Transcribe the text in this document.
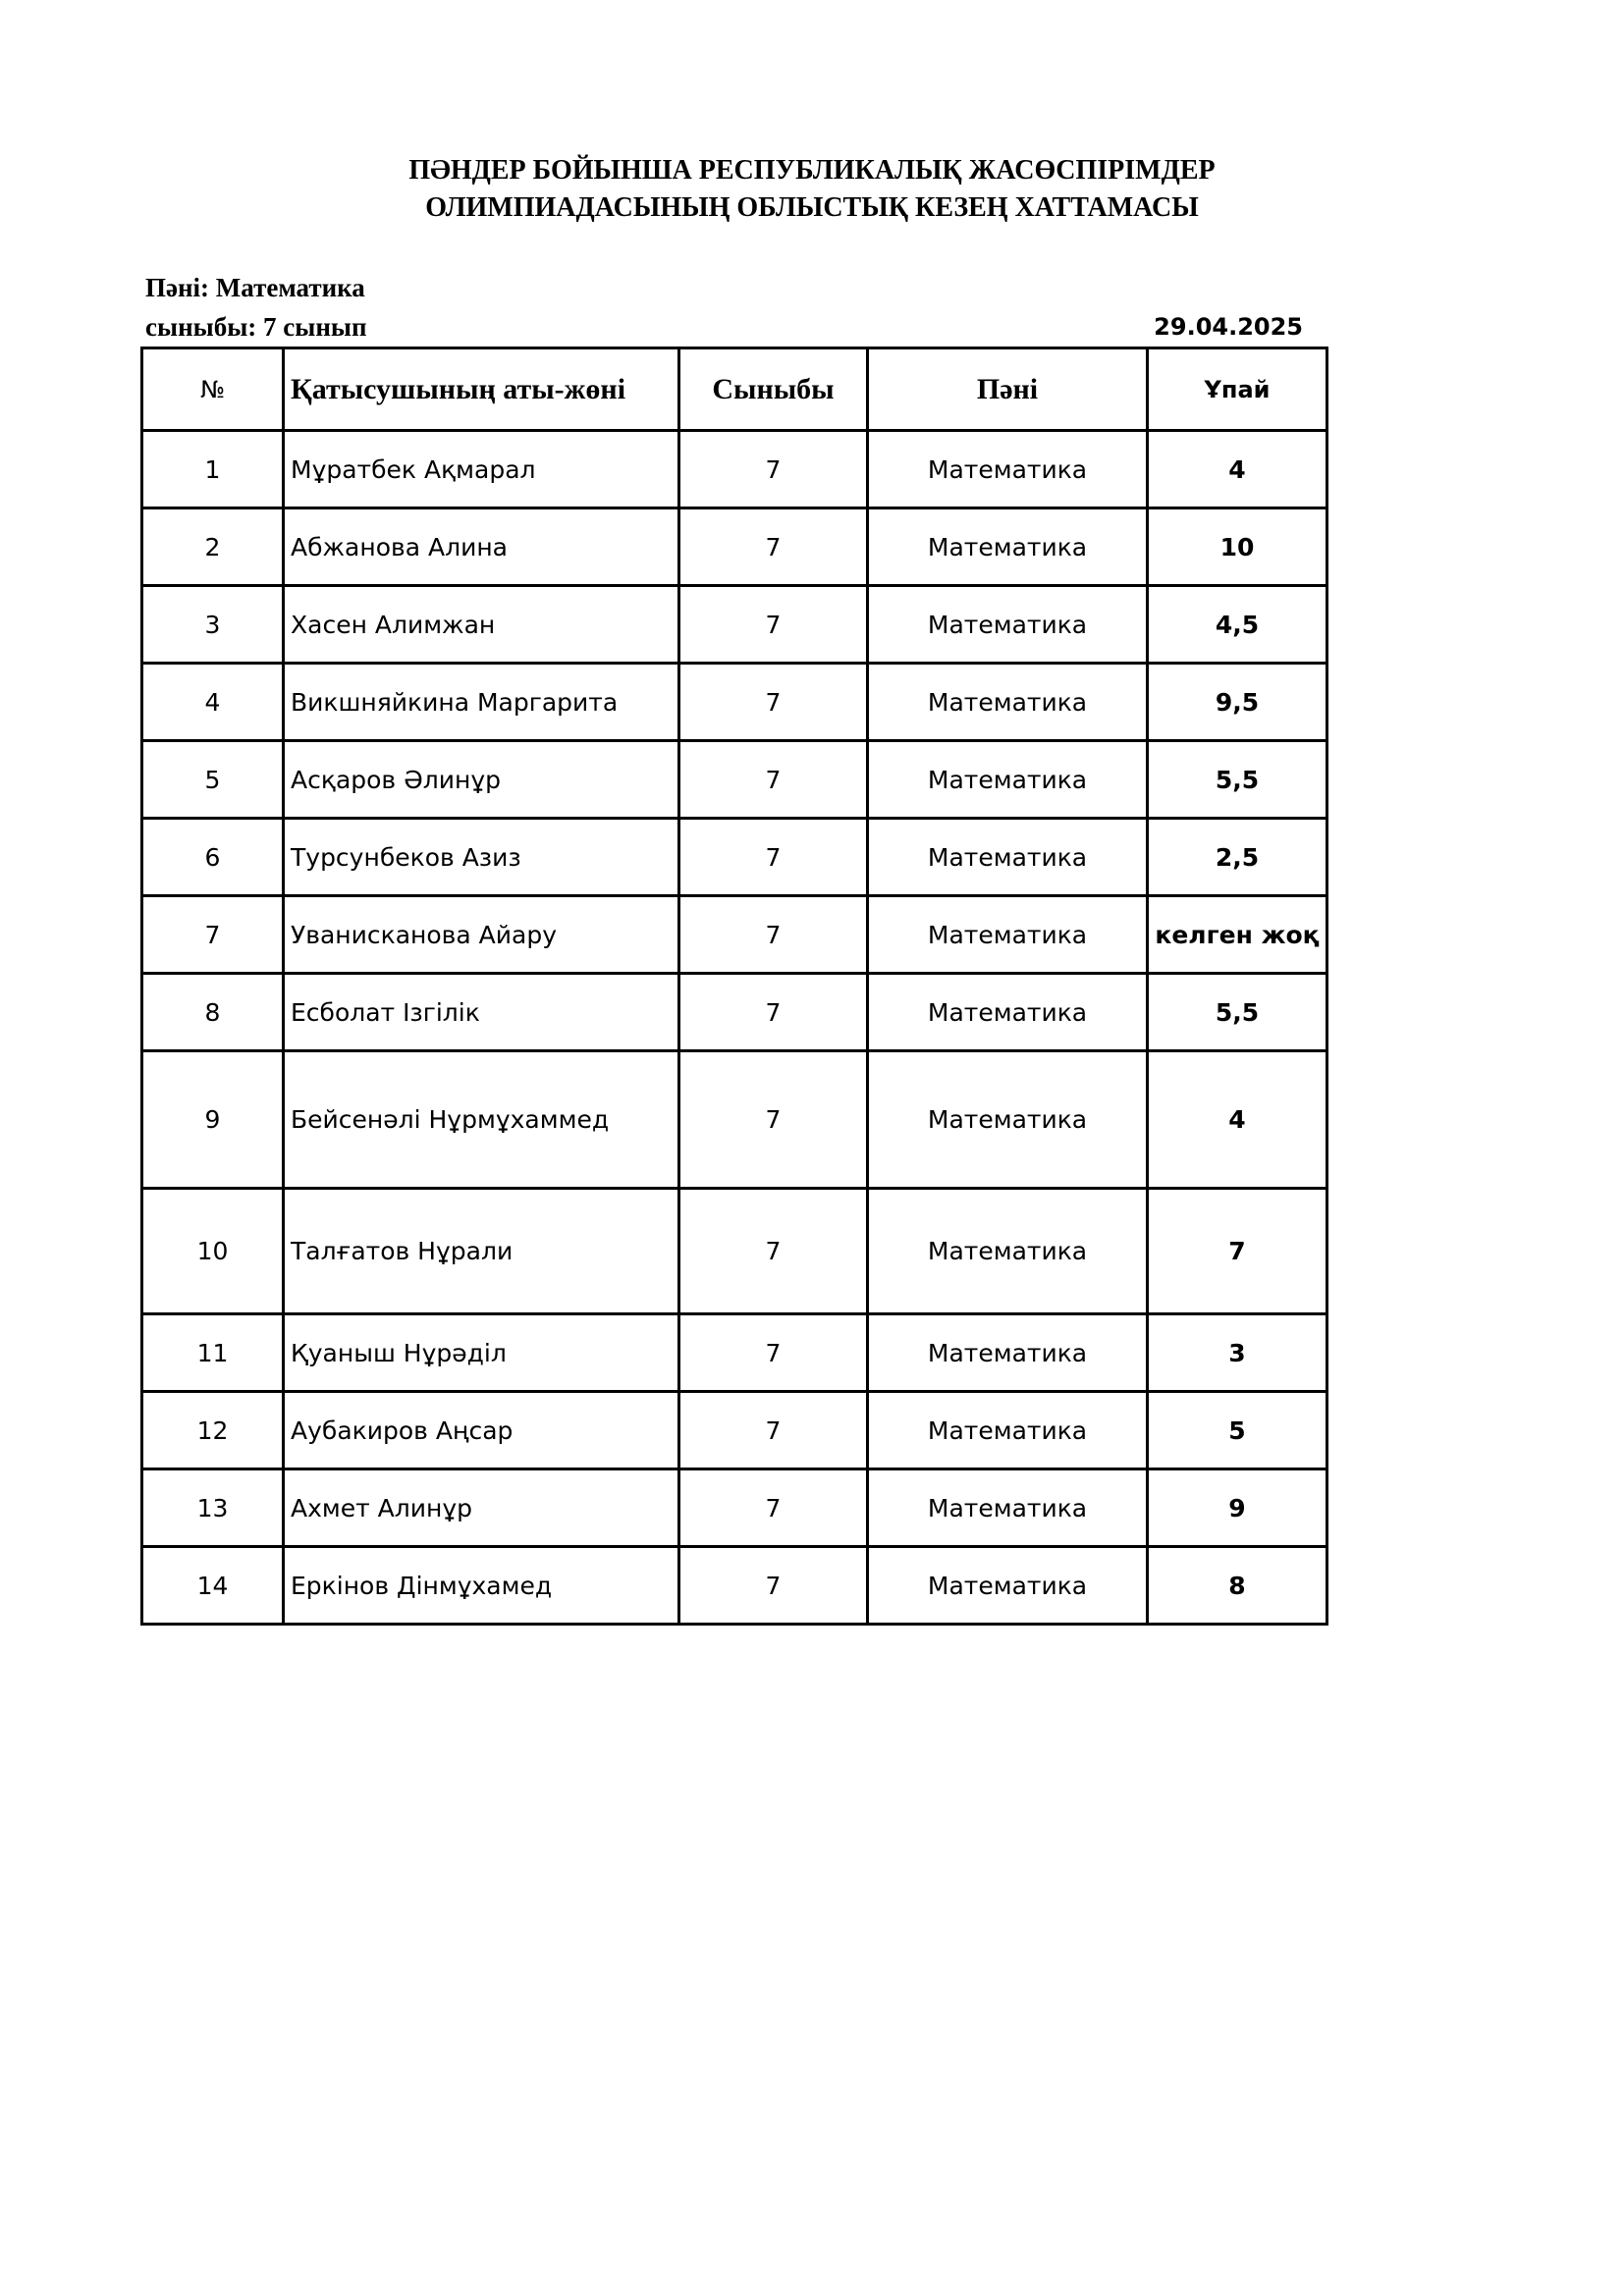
ПӘНДЕР БОЙЫНША РЕСПУБЛИКАЛЫҚ ЖАСӨСПІРІМДЕР
ОЛИМПИАДАСЫНЫҢ ОБЛЫСТЫҚ КЕЗЕҢ ХАТТАМАСЫ
Пәні: Математика
сыныбы: 7 сынып	29.04.2025
№	Қатысушының аты-жөні	Сыныбы	Пәні	Ұпай
1	Мұратбек Ақмарал	7	Математика	4
2	Абжанова Алина	7	Математика	10
3	Хасен Алимжан	7	Математика	4,5
4	Викшняйкина Маргарита	7	Математика	9,5
5	Асқаров Әлинұр	7	Математика	5,5
6	Турсунбеков Азиз	7	Математика	2,5
7	Уванисканова Айару	7	Математика	келген жоқ
8	Есболат Ізгілік	7	Математика	5,5
9	Бейсенәлі Нұрмұхаммед	7	Математика	4
10	Талғатов Нұрали	7	Математика	7
11	Қуаныш Нұрәділ	7	Математика	3
12	Аубакиров Аңсар	7	Математика	5
13	Ахмет Алинұр	7	Математика	9
14	Еркінов Дінмұхамед	7	Математика	8
